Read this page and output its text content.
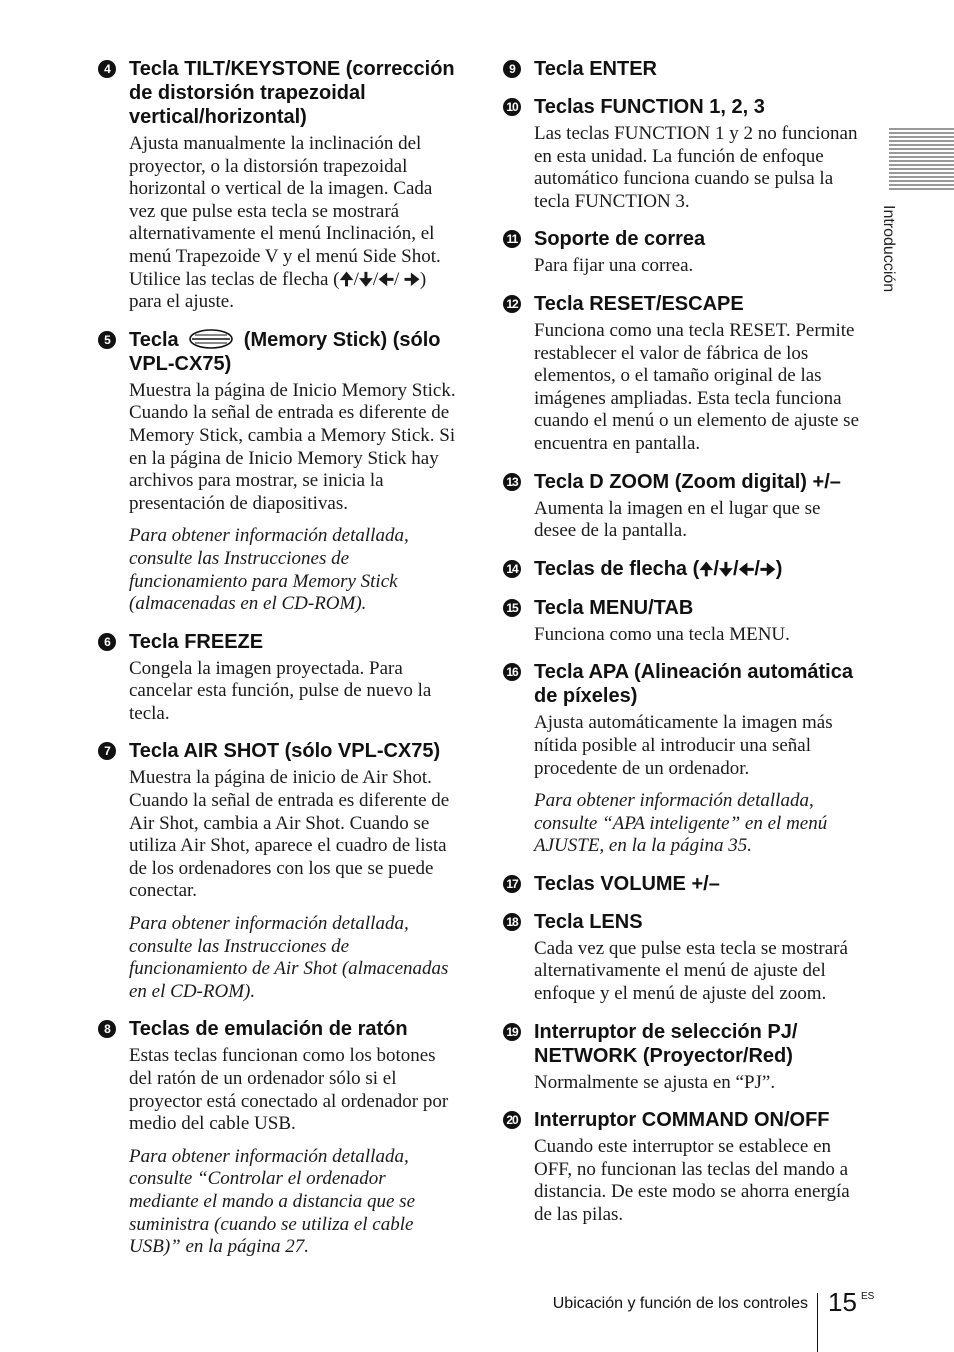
4 Tecla TILT/KEYSTONE (corrección de distorsión trapezoidal vertical/horizontal)
Ajusta manualmente la inclinación del proyector, o la distorsión trapezoidal horizontal o vertical de la imagen. Cada vez que pulse esta tecla se mostrará alternativamente el menú Inclinación, el menú Trapezoide V y el menú Side Shot. Utilice las teclas de flecha (🠉/🠋/🠈/ 🠊) para el ajuste.
5 Tecla	(Memory Stick) (sólo VPL-CX75)
Muestra la página de Inicio Memory Stick. Cuando la señal de entrada es diferente de Memory Stick, cambia a Memory Stick. Si en la página de Inicio Memory Stick hay archivos para mostrar, se inicia la presentación de diapositivas.
Para obtener información detallada, consulte las Instrucciones de funcionamiento para Memory Stick (almacenadas en el CD-ROM).
6 Tecla FREEZE
Congela la imagen proyectada. Para cancelar esta función, pulse de nuevo la tecla.
7 Tecla AIR SHOT (sólo VPL-CX75)
Muestra la página de inicio de Air Shot. Cuando la señal de entrada es diferente de Air Shot, cambia a Air Shot. Cuando se utiliza Air Shot, aparece el cuadro de lista de los ordenadores con los que se puede conectar.
Para obtener información detallada, consulte las Instrucciones de funcionamiento de Air Shot (almacenadas en el CD-ROM).
8 Teclas de emulación de ratón
Estas teclas funcionan como los botones del ratón de un ordenador sólo si el proyector está conectado al ordenador por medio del cable USB.
Para obtener información detallada, consulte “Controlar el ordenador mediante el mando a distancia que se suministra (cuando se utiliza el cable USB)” en la página 27.
9 Tecla ENTER
10 Teclas FUNCTION 1, 2, 3
Las teclas FUNCTION 1 y 2 no funcionan en esta unidad. La función de enfoque automático funciona cuando se pulsa la tecla FUNCTION 3.
11 Soporte de correa
Para fijar una correa.
12 Tecla RESET/ESCAPE
Funciona como una tecla RESET. Permite restablecer el valor de fábrica de los elementos, o el tamaño original de las imágenes ampliadas. Esta tecla funciona cuando el menú o un elemento de ajuste se encuentra en pantalla.
13 Tecla D ZOOM (Zoom digital) +/–
Aumenta la imagen en el lugar que se desee de la pantalla.
14 Teclas de flecha (🠉/🠋/🠈/🠊)
15 Tecla MENU/TAB
Funciona como una tecla MENU.
16 Tecla APA (Alineación automática de píxeles)
Ajusta automáticamente la imagen más nítida posible al introducir una señal procedente de un ordenador.
Para obtener información detallada, consulte “APA inteligente” en el menú AJUSTE, en la la página 35.
17 Teclas VOLUME +/–
18 Tecla LENS
Cada vez que pulse esta tecla se mostrará alternativamente el menú de ajuste del enfoque y el menú de ajuste del zoom.
19 Interruptor de selección PJ/ NETWORK (Proyector/Red)
Normalmente se ajusta en “PJ”.
20 Interruptor COMMAND ON/OFF
Cuando este interruptor se establece en OFF, no funcionan las teclas del mando a distancia. De este modo se ahorra energía de las pilas.
Introducción
Ubicación y función de los controles 15 ES
